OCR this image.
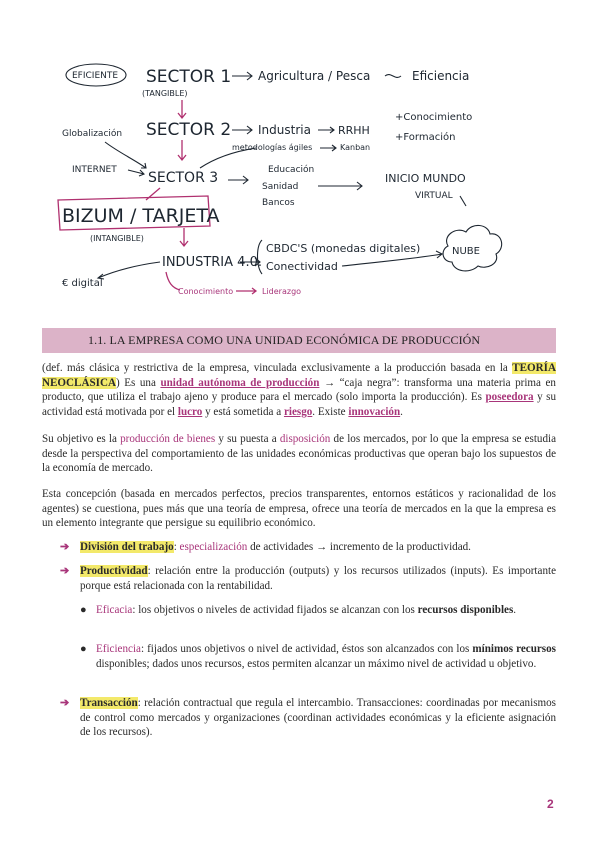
EFICIENTE SECTOR 1
(TANGIBLE)
Agricultura / Pesca	Eficiencia
SECTOR 2 Industria RRHH
+Conocimiento
+Formación
metodologías ágiles	Kanban
Globalización
INTERNET SECTOR 3	Educación
Sanidad
Bancos
INICIO MUNDO
VIRTUAL
BIZUM / TARJETA
(INTANGIBLE)
INDUSTRIA 4.0.
CBDC'S (monedas digitales)
Conectividad
NUBE
€ digital
Conocimiento	Liderazgo
1.1. LA EMPRESA COMO UNA UNIDAD ECONÓMICA DE PRODUCCIÓN
(def. más clásica y restrictiva de la empresa, vinculada exclusivamente a la producción basada en la TEORÍA NEOCLÁSICA) Es una unidad autónoma de producción → “caja negra”: transforma una materia prima en producto, que utiliza el trabajo ajeno y produce para el mercado (solo importa la producción). Es poseedora y su actividad está motivada por el lucro y está sometida a riesgo. Existe innovación.
Su objetivo es la producción de bienes y su puesta a disposición de los mercados, por lo que la empresa se estudia desde la perspectiva del comportamiento de las unidades económicas productivas que operan bajo los supuestos de la economía de mercado.
Esta concepción (basada en mercados perfectos, precios transparentes, entornos estáticos y racionalidad de los agentes) se cuestiona, pues más que una teoría de empresa, ofrece una teoría de mercados en la que la empresa es un elemento integrante que persigue su equilibrio económico.
➔ División del trabajo: especialización de actividades → incremento de la productividad.
➔ Productividad: relación entre la producción (outputs) y los recursos utilizados (inputs). Es importante porque está relacionada con la rentabilidad.
● Eficacia: los objetivos o niveles de actividad fijados se alcanzan con los recursos disponibles.
● Eficiencia: fijados unos objetivos o nivel de actividad, éstos son alcanzados con los mínimos recursos disponibles; dados unos recursos, estos permiten alcanzar un máximo nivel de actividad u objetivo.
➔ Transacción: relación contractual que regula el intercambio. Transacciones: coordinadas por mecanismos de control como mercados y organizaciones (coordinan actividades económicas y la eficiente asignación de los recursos).
2
